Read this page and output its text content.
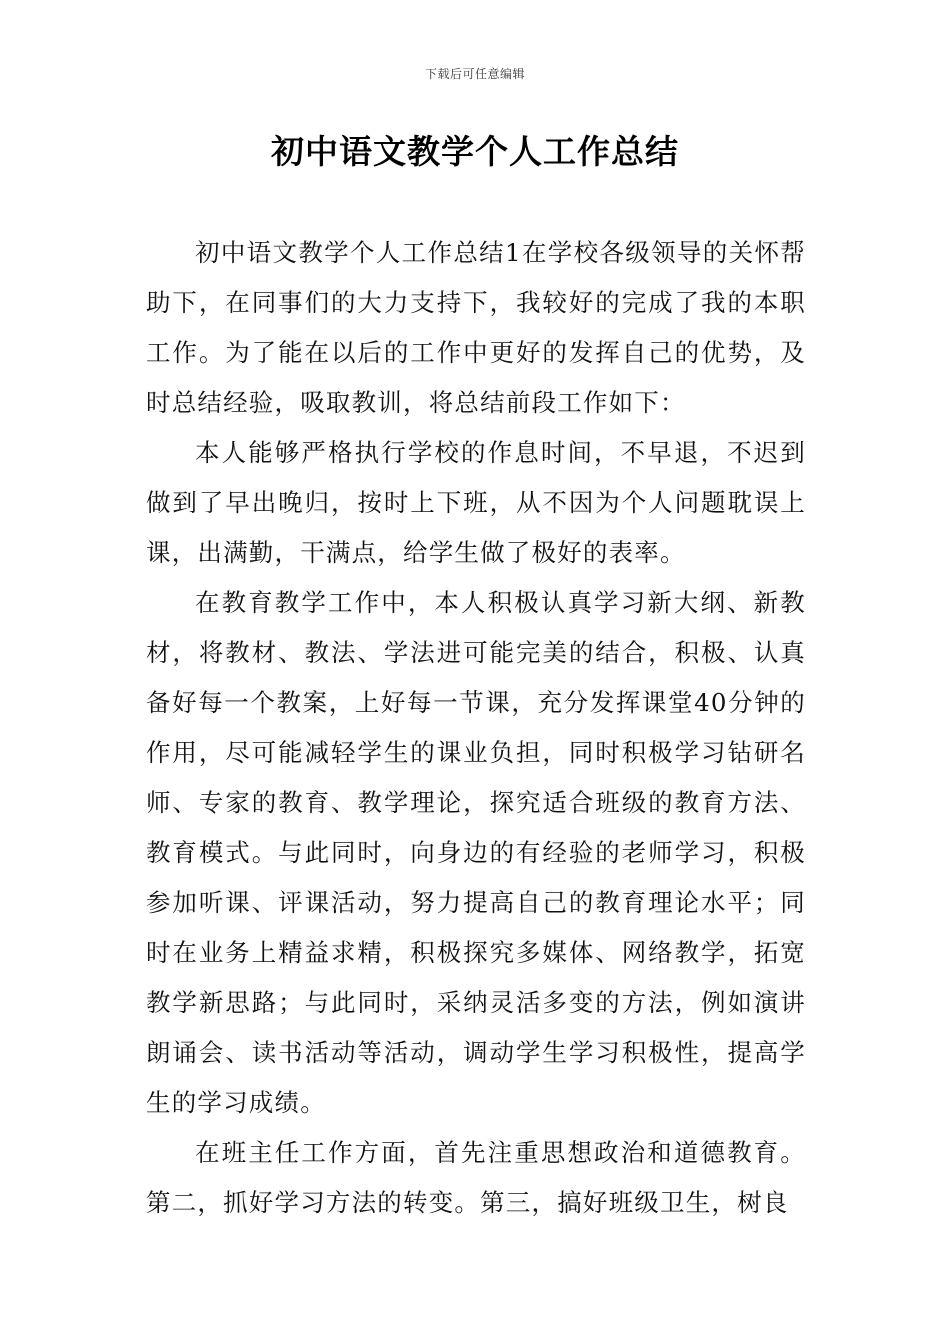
下载后可任意编辑
初中语文教学个人工作总结

初中语文教学个人工作总结1在学校各级领导的关怀帮助下，在同事们的大力支持下，我较好的完成了我的本职工作。为了能在以后的工作中更好的发挥自己的优势，及时总结经验，吸取教训，将总结前段工作如下：

本人能够严格执行学校的作息时间，不早退，不迟到做到了早出晚归，按时上下班，从不因为个人问题耽误上课，出满勤，干满点，给学生做了极好的表率。

在教育教学工作中，本人积极认真学习新大纲、新教材，将教材、教法、学法进可能完美的结合，积极、认真备好每一个教案，上好每一节课，充分发挥课堂40分钟的作用，尽可能减轻学生的课业负担，同时积极学习钻研名师、专家的教育、教学理论，探究适合班级的教育方法、教育模式。与此同时，向身边的有经验的老师学习，积极参加听课、评课活动，努力提高自己的教育理论水平；同时在业务上精益求精，积极探究多媒体、网络教学，拓宽教学新思路；与此同时，采纳灵活多变的方法，例如演讲朗诵会、读书活动等活动，调动学生学习积极性，提高学生的学习成绩。

在班主任工作方面，首先注重思想政治和道德教育。第二，抓好学习方法的转变。第三，搞好班级卫生，树良
